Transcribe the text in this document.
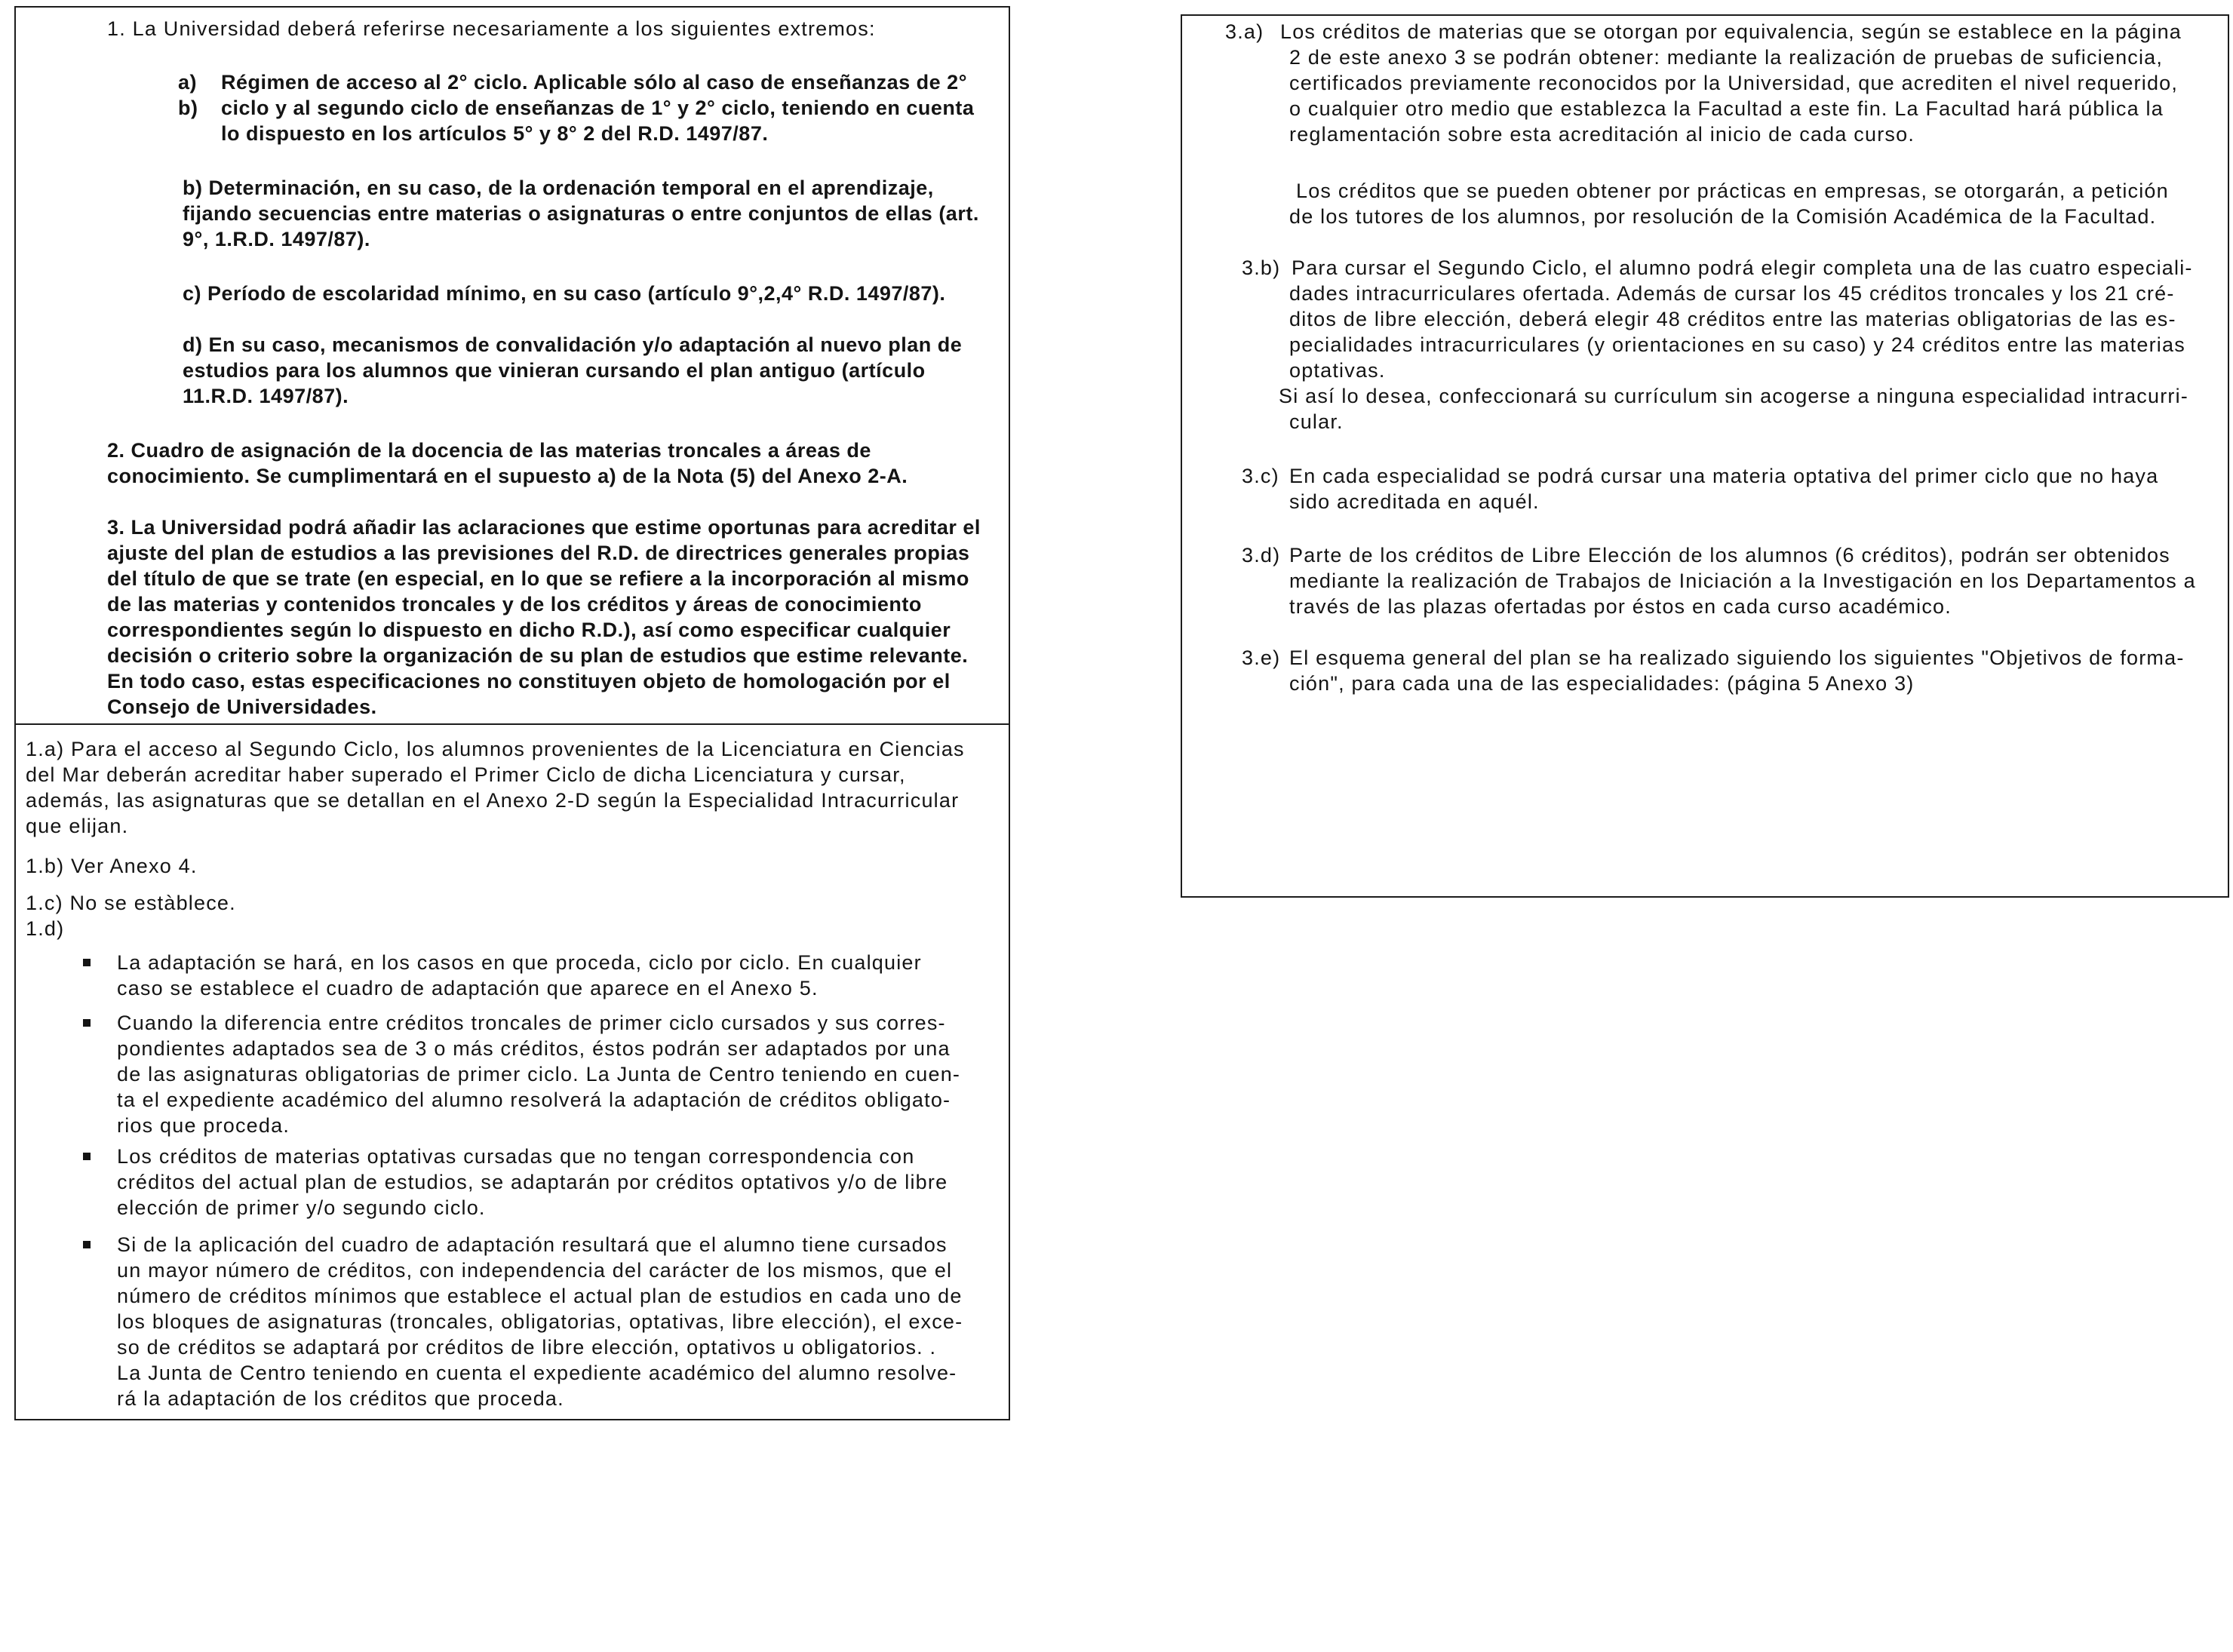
1. La Universidad deberá referirse necesariamente a los siguientes extremos:
a)
b)
Régimen de acceso al 2° ciclo. Aplicable sólo al caso de enseñanzas de 2°
ciclo y al segundo ciclo de enseñanzas de 1° y 2° ciclo, teniendo en cuenta
lo dispuesto en los artículos 5° y 8° 2 del R.D. 1497/87.
b) Determinación, en su caso, de la ordenación temporal en el aprendizaje,
fijando secuencias entre materias o asignaturas o entre conjuntos de ellas (art.
9°, 1.R.D. 1497/87).
c) Período de escolaridad mínimo, en su caso (artículo 9°,2,4° R.D. 1497/87).
d) En su caso, mecanismos de convalidación y/o adaptación al nuevo plan de
estudios para los alumnos que vinieran cursando el plan antiguo (artículo
11.R.D. 1497/87).
2. Cuadro de asignación de la docencia de las materias troncales a áreas de
conocimiento. Se cumplimentará en el supuesto a) de la Nota (5) del Anexo 2-A.
3. La Universidad podrá añadir las aclaraciones que estime oportunas para acreditar el
ajuste del plan de estudios a las previsiones del R.D. de directrices generales propias
del título de que se trate (en especial, en lo que se refiere a la incorporación al mismo
de las materias y contenidos troncales y de los créditos y áreas de conocimiento
correspondientes según lo dispuesto en dicho R.D.), así como especificar cualquier
decisión o criterio sobre la organización de su plan de estudios que estime relevante.
En todo caso, estas especificaciones no constituyen objeto de homologación por el
Consejo de Universidades.
1.a) Para el acceso al Segundo Ciclo, los alumnos provenientes de la Licenciatura en Ciencias
del Mar deberán acreditar haber superado el Primer Ciclo de dicha Licenciatura y cursar,
además, las asignaturas que se detallan en el Anexo 2-D según la Especialidad Intracurricular
que elijan.
1.b) Ver Anexo 4.
1.c) No se estàblece.
1.d)
La adaptación se hará, en los casos en que proceda, ciclo por ciclo. En cualquier
caso se establece el cuadro de adaptación que aparece en el Anexo 5.
Cuando la diferencia entre créditos troncales de primer ciclo cursados y sus corres-
pondientes adaptados sea de 3 o más créditos, éstos podrán ser adaptados por una
de las asignaturas obligatorias de primer ciclo. La Junta de Centro teniendo en cuen-
ta el expediente académico del alumno resolverá la adaptación de créditos obligato-
rios que proceda.
Los créditos de materias optativas cursadas que no tengan correspondencia con
créditos del actual plan de estudios, se adaptarán por créditos optativos y/o de libre
elección de primer y/o segundo ciclo.
Si de la aplicación del cuadro de adaptación resultará que el alumno tiene cursados
un mayor número de créditos, con independencia del carácter de los mismos, que el
número de créditos mínimos que establece el actual plan de estudios en cada uno de
los bloques de asignaturas (troncales, obligatorias, optativas, libre elección), el exce-
so de créditos se adaptará por créditos de libre elección, optativos u obligatorios. .
La Junta de Centro teniendo en cuenta el expediente académico del alumno resolve-
rá la adaptación de los créditos que proceda.
3.a) Los créditos de materias que se otorgan por equivalencia, según se establece en la página
2 de este anexo 3 se podrán obtener: mediante la realización de pruebas de suficiencia,
certificados previamente reconocidos por la Universidad, que acrediten el nivel requerido,
o cualquier otro medio que establezca la Facultad a este fin. La Facultad hará pública la
reglamentación sobre esta acreditación al inicio de cada curso.
Los créditos que se pueden obtener por prácticas en empresas, se otorgarán, a petición
de los tutores de los alumnos, por resolución de la Comisión Académica de la Facultad.
3.b) Para cursar el Segundo Ciclo, el alumno podrá elegir completa una de las cuatro especiali-
dades intracurriculares ofertada. Además de cursar los 45 créditos troncales y los 21 cré-
ditos de libre elección, deberá elegir 48 créditos entre las materias obligatorias de las es-
pecialidades intracurriculares (y orientaciones en su caso) y 24 créditos entre las materias
optativas.
Si así lo desea, confeccionará su currículum sin acogerse a ninguna especialidad intracurri-
cular.
3.c) En cada especialidad se podrá cursar una materia optativa del primer ciclo que no haya
sido acreditada en aquél.
3.d) Parte de los créditos de Libre Elección de los alumnos (6 créditos), podrán ser obtenidos
mediante la realización de Trabajos de Iniciación a la Investigación en los Departamentos a
través de las plazas ofertadas por éstos en cada curso académico.
3.e) El esquema general del plan se ha realizado siguiendo los siguientes "Objetivos de forma-
ción", para cada una de las especialidades: (página 5 Anexo 3)
